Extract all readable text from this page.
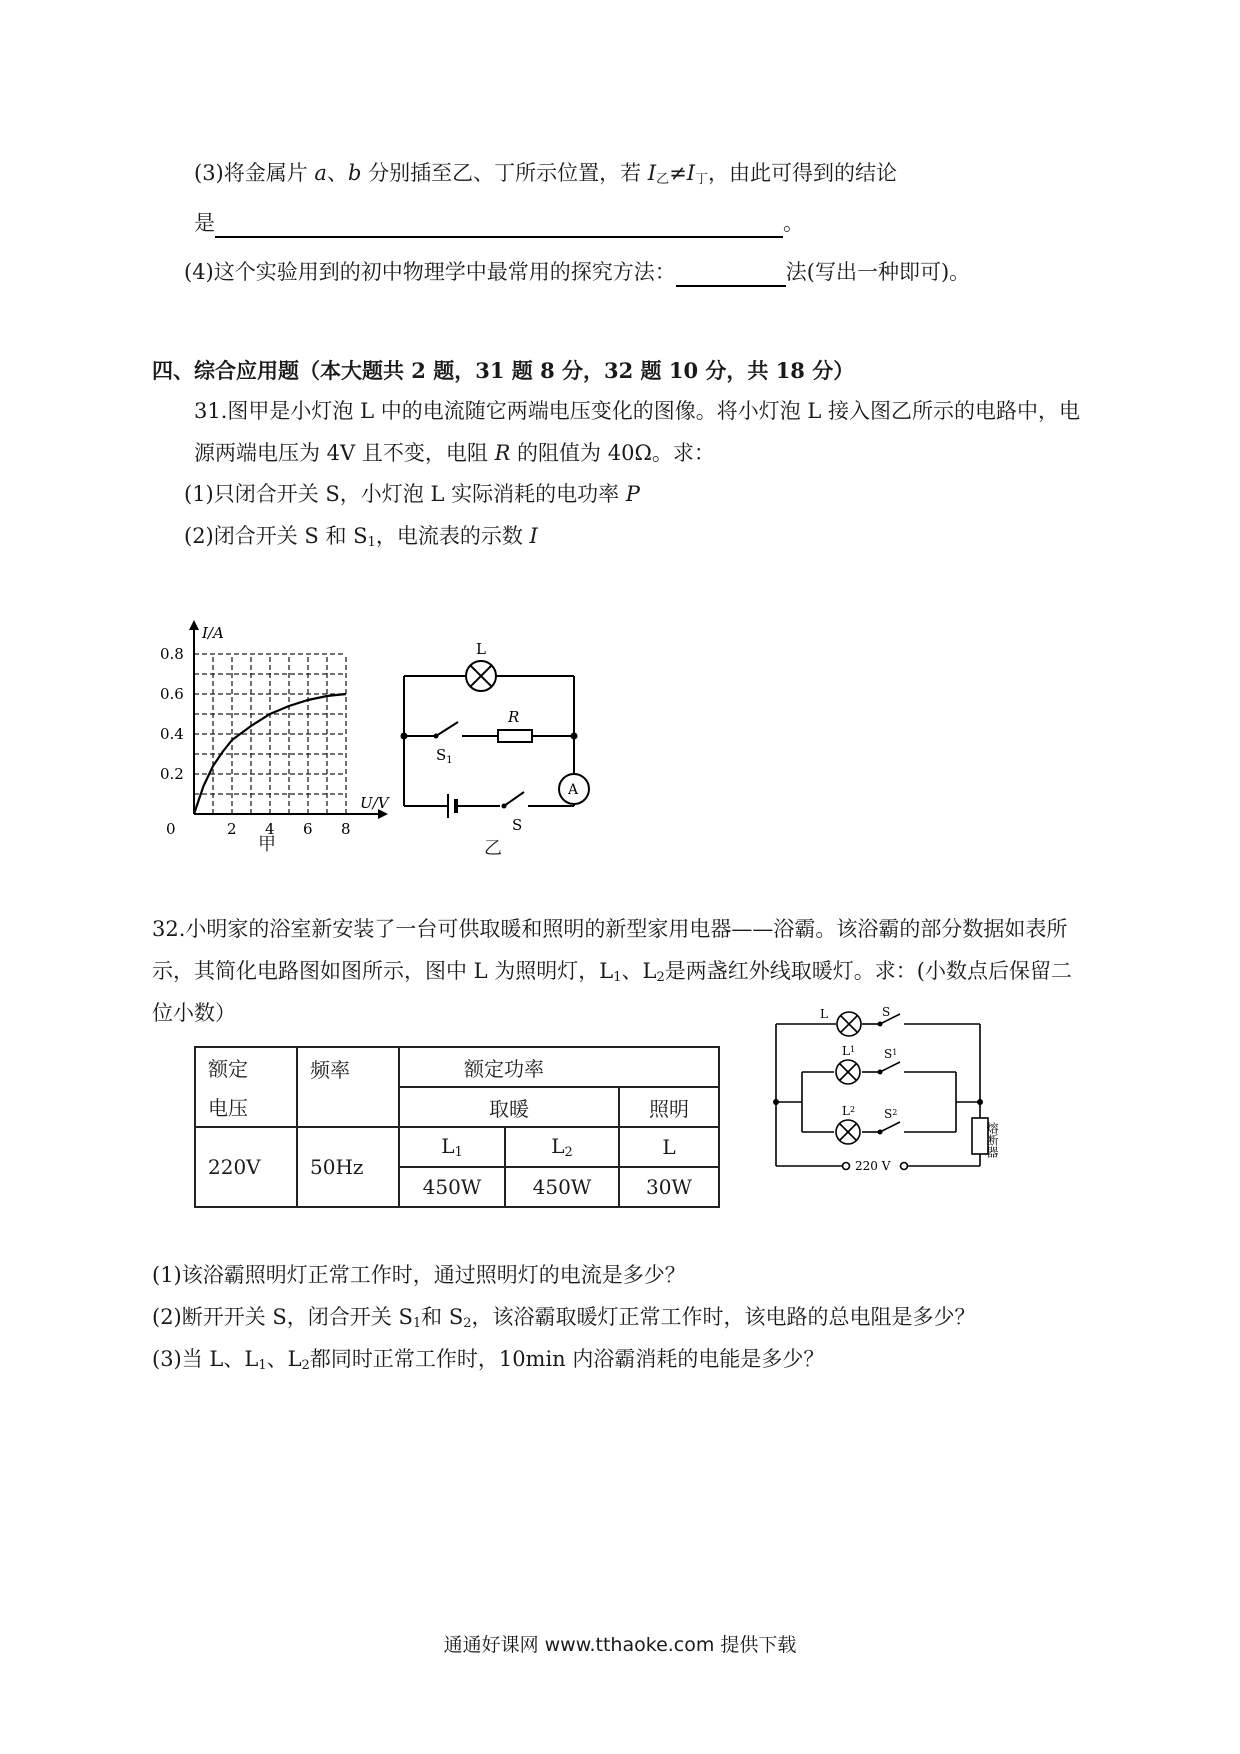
(3)将金属片 a、b 分别插至乙、丁所示位置，若 $I_乙\ne I_丁$，由此可得到的结论
是	。
(4)这个实验用到的初中物理学中最常用的探究方法：	法(写出一种即可)。
四、综合应用题（本大题共 2 题，31 题 8 分，32 题 10 分，共 18 分）
31.图甲是小灯泡 L 中的电流随它两端电压变化的图像。将小灯泡 L 接入图乙所示的电路中，电
源两端电压为 4V 且不变，电阻 R 的阻值为 40Ω。求：
(1)只闭合开关 S，小灯泡 L 实际消耗的电功率 P
(2)闭合开关 S 和 $S_1$，电流表的示数 I
I/A
U/V
0	2 4 6 8
0.2
0.4
0.6
0.8
甲
L
R
$S_1$
S
A
乙
32.小明家的浴室新安装了一台可供取暖和照明的新型家用电器——浴霸。该浴霸的部分数据如表所
示，其简化电路图如图所示，图中 L 为照明灯，$L_1$、$L_2$是两盏红外线取暖灯。求：(小数点后保留二
位小数）
额定	频率	额定功率		
电压		取暖		照明
220V	50Hz	$L_1$	$L_2$	L
		450W	450W	30W
L	S
$L^1$ $S^1$
$L^2$ $S^2$
220 V
熔断器
(1)该浴霸照明灯正常工作时，通过照明灯的电流是多少？
(2)断开开关 S，闭合开关 $S_1$和 $S_2$，该浴霸取暖灯正常工作时，该电路的总电阻是多少？
(3)当 L、$L_1$、$L_2$都同时正常工作时，10min 内浴霸消耗的电能是多少？
通通好课网 www.tthaoke.com 提供下载
